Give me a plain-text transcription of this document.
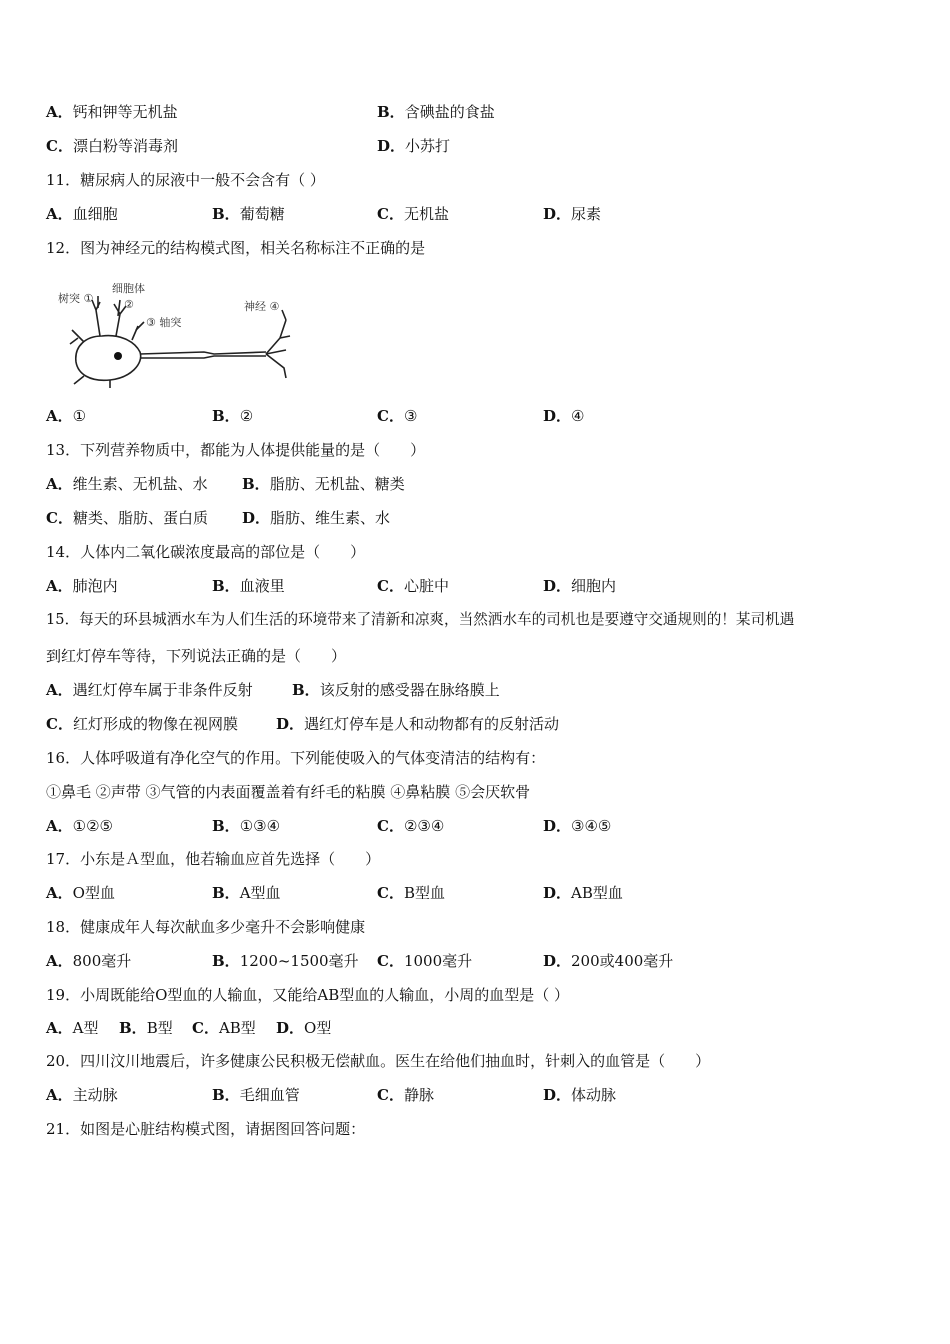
A．钙和钾等无机盐	B．含碘盐的食盐
C．漂白粉等消毒剂	D．小苏打
11．糖尿病人的尿液中一般不会含有（ ）
A．血细胞	B．葡萄糖	C．无机盐	D．尿素
12．图为神经元的结构模式图，相关名称标注不正确的是
树突 ①
细胞体
②
③ 轴突
神经 ④
A．①	B．②	C．③	D．④
13．下列营养物质中，都能为人体提供能量的是（　　）
A．维生素、无机盐、水 B．脂肪、无机盐、糖类
C．糖类、脂肪、蛋白质 D．脂肪、维生素、水
14．人体内二氧化碳浓度最高的部位是（　　）
A．肺泡内	B．血液里	C．心脏中	D．细胞内
15．每天的环县城洒水车为人们生活的环境带来了清新和凉爽，当然洒水车的司机也是要遵守交通规则的！某司机遇
到红灯停车等待，下列说法正确的是（　　）
A．遇红灯停车属于非条件反射	B．该反射的感受器在脉络膜上
C．红灯形成的物像在视网膜	D．遇红灯停车是人和动物都有的反射活动
16．人体呼吸道有净化空气的作用。下列能使吸入的气体变清洁的结构有：
①鼻毛 ②声带 ③气管的内表面覆盖着有纤毛的粘膜 ④鼻粘膜 ⑤会厌软骨
A．①②⑤	B．①③④	C．②③④	D．③④⑤
17．小东是Ａ型血，他若输血应首先选择（　　）
A．O型血	B．A型血	C．B型血	D．AB型血
18．健康成年人每次献血多少毫升不会影响健康
A．800毫升	B．1200~1500毫升 C．1000毫升	D．200或400毫升
19．小周既能给O型血的人输血，又能给AB型血的人输血，小周的血型是（ ）
A．A型 B．B型 C．AB型 D．O型
20．四川汶川地震后，许多健康公民积极无偿献血。医生在给他们抽血时，针刺入的血管是（　　）
A．主动脉	B．毛细血管	C．静脉	D．体动脉
21．如图是心脏结构模式图，请据图回答问题：
